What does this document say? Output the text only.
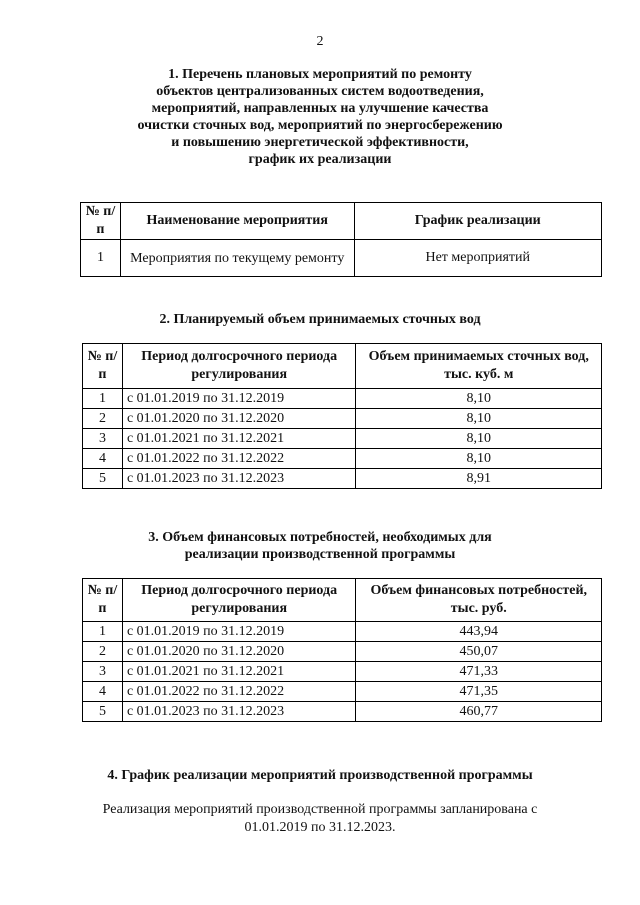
2
1. Перечень плановых мероприятий по ремонту
объектов централизованных систем водоотведения,
мероприятий, направленных на улучшение качества
очистки сточных вод, мероприятий по энергосбережению
и повышению энергетической эффективности,
график их реализации
№ п/п	Наименование мероприятия	График реализации
1	Мероприятия по текущему ремонту	Нет мероприятий
2. Планируемый объем принимаемых сточных вод
№ п/п	Период долгосрочного периода регулирования	Объем принимаемых сточных вод, тыс. куб. м
1	с 01.01.2019 по 31.12.2019	8,10
2	с 01.01.2020 по 31.12.2020	8,10
3	с 01.01.2021 по 31.12.2021	8,10
4	с 01.01.2022 по 31.12.2022	8,10
5	с 01.01.2023 по 31.12.2023	8,91
3. Объем финансовых потребностей, необходимых для
реализации производственной программы
№ п/п	Период долгосрочного периода регулирования	Объем финансовых потребностей, тыс. руб.
1	с 01.01.2019 по 31.12.2019	443,94
2	с 01.01.2020 по 31.12.2020	450,07
3	с 01.01.2021 по 31.12.2021	471,33
4	с 01.01.2022 по 31.12.2022	471,35
5	с 01.01.2023 по 31.12.2023	460,77
4. График реализации мероприятий производственной программы
Реализация мероприятий производственной программы запланирована с
01.01.2019 по 31.12.2023.
